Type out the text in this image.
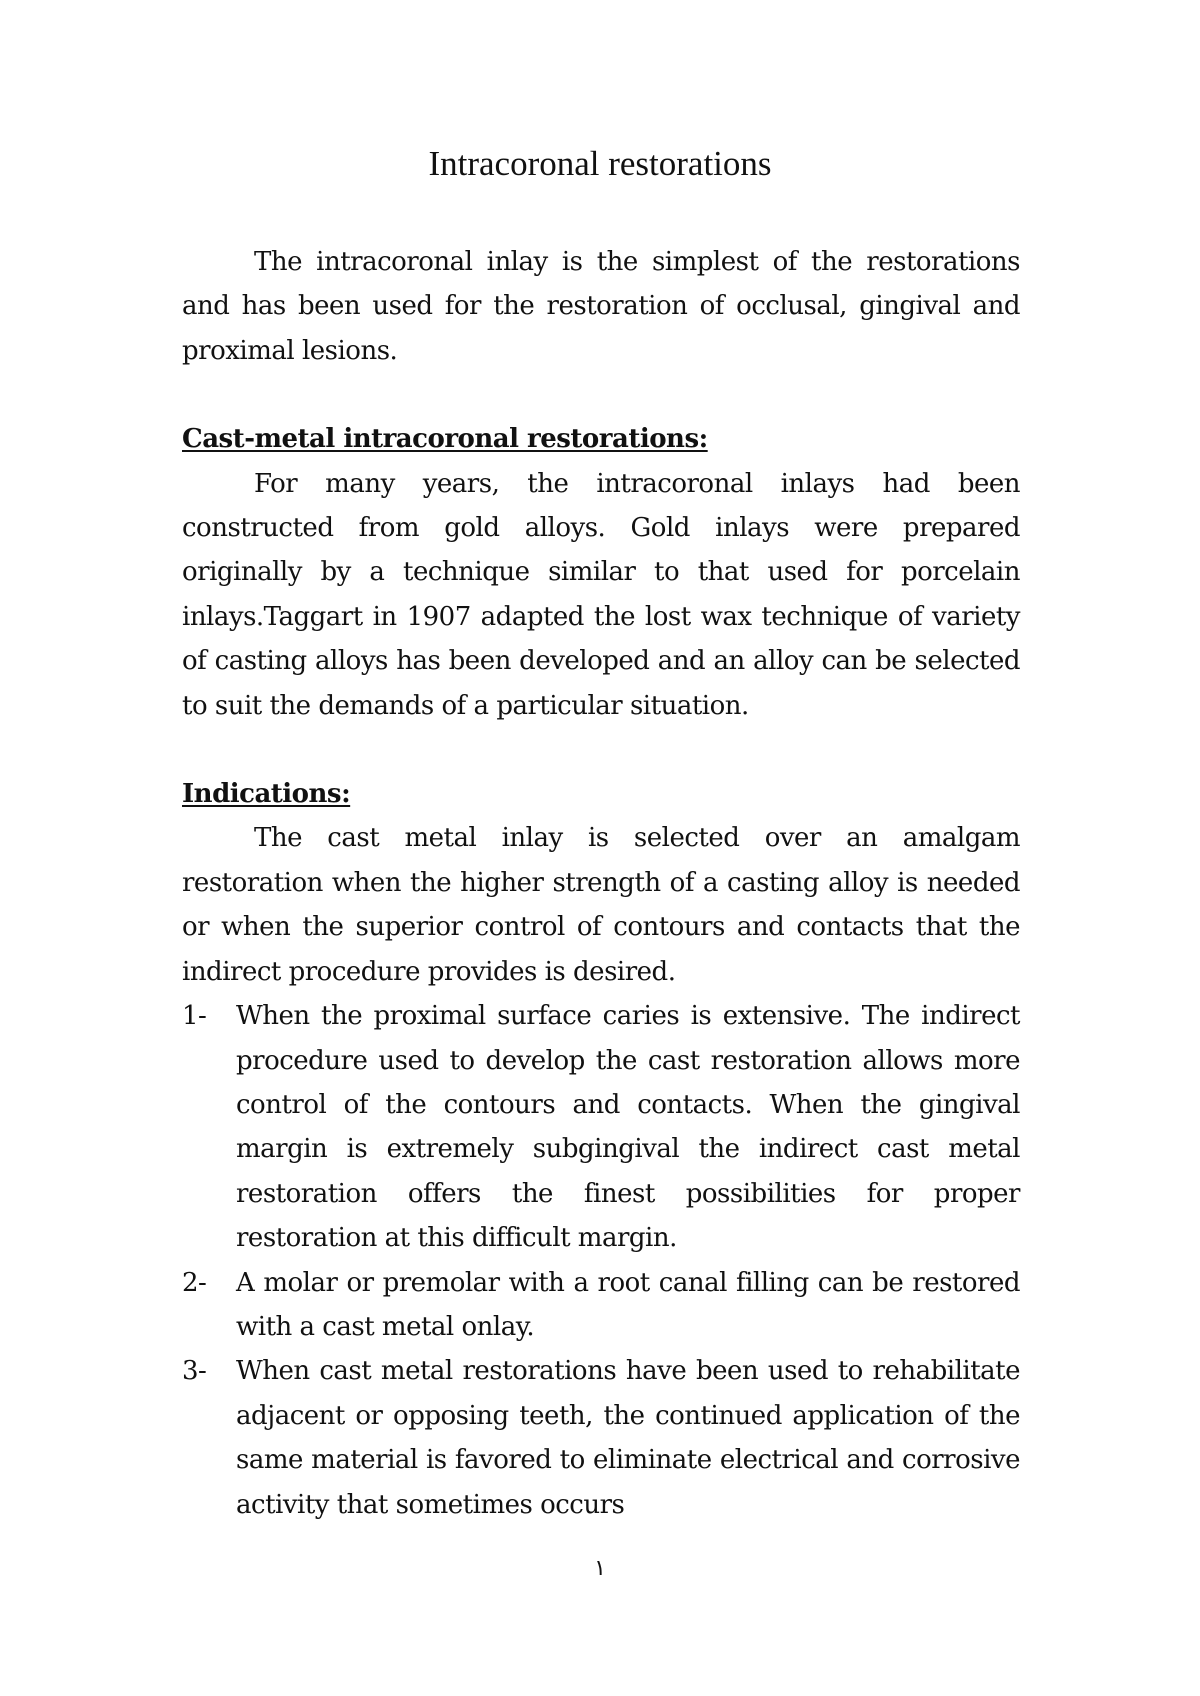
Intracoronal restorations

The intracoronal inlay is the simplest of the restorations and has been used for the restoration of occlusal, gingival and proximal lesions.

Cast-metal intracoronal restorations:

For many years, the intracoronal inlays had been constructed from gold alloys. Gold inlays were prepared originally by a technique similar to that used for porcelain inlays.Taggart in 1907 adapted the lost wax technique of variety of casting alloys has been developed and an alloy can be selected to suit the demands of a particular situation.

Indications:

The cast metal inlay is selected over an amalgam restoration when the higher strength of a casting alloy is needed or when the superior control of contours and contacts that the indirect procedure provides is desired.

1- When the proximal surface caries is extensive. The indirect procedure used to develop the cast restoration allows more control of the contours and contacts. When the gingival margin is extremely subgingival the indirect cast metal restoration offers the finest possibilities for proper restoration at this difficult margin.
2- A molar or premolar with a root canal filling can be restored with a cast metal onlay.
3- When cast metal restorations have been used to rehabilitate adjacent or opposing teeth, the continued application of the same material is favored to eliminate electrical and corrosive activity that sometimes occurs
١
